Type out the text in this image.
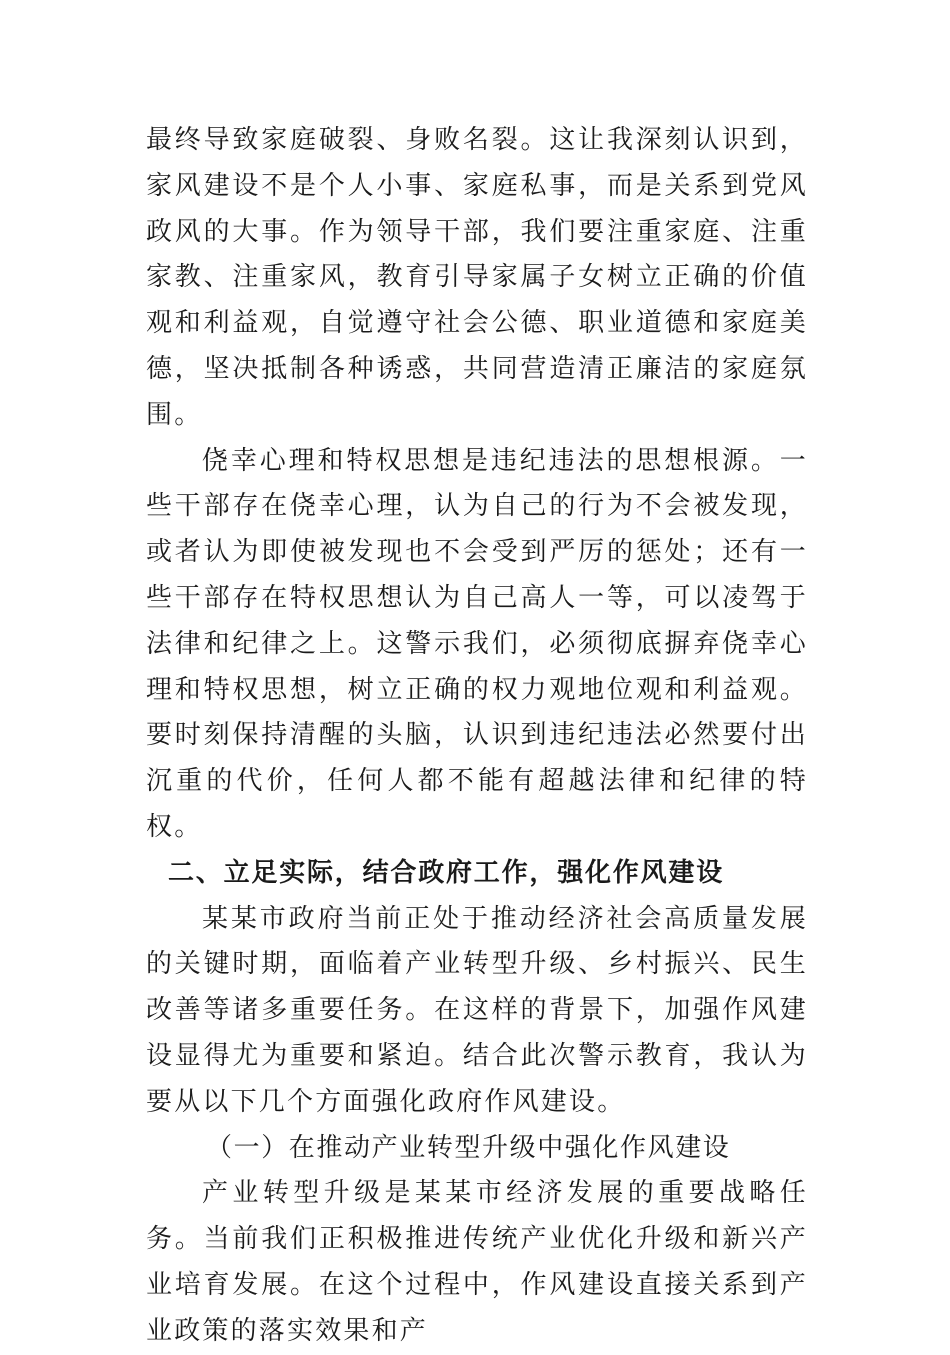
最终导致家庭破裂、身败名裂。这让我深刻认识到，家风建设不是个人小事、家庭私事，而是关系到党风政风的大事。作为领导干部，我们要注重家庭、注重家教、注重家风，教育引导家属子女树立正确的价值观和利益观，自觉遵守社会公德、职业道德和家庭美德，坚决抵制各种诱惑，共同营造清正廉洁的家庭氛围。

侥幸心理和特权思想是违纪违法的思想根源。一些干部存在侥幸心理，认为自己的行为不会被发现，或者认为即使被发现也不会受到严厉的惩处；还有一些干部存在特权思想认为自己高人一等，可以凌驾于法律和纪律之上。这警示我们，必须彻底摒弃侥幸心理和特权思想，树立正确的权力观地位观和利益观。要时刻保持清醒的头脑，认识到违纪违法必然要付出沉重的代价，任何人都不能有超越法律和纪律的特权。

二、立足实际，结合政府工作，强化作风建设

某某市政府当前正处于推动经济社会高质量发展的关键时期，面临着产业转型升级、乡村振兴、民生改善等诸多重要任务。在这样的背景下，加强作风建设显得尤为重要和紧迫。结合此次警示教育，我认为要从以下几个方面强化政府作风建设。

（一）在推动产业转型升级中强化作风建设

产业转型升级是某某市经济发展的重要战略任务。当前我们正积极推进传统产业优化升级和新兴产业培育发展。在这个过程中，作风建设直接关系到产业政策的落实效果和产
